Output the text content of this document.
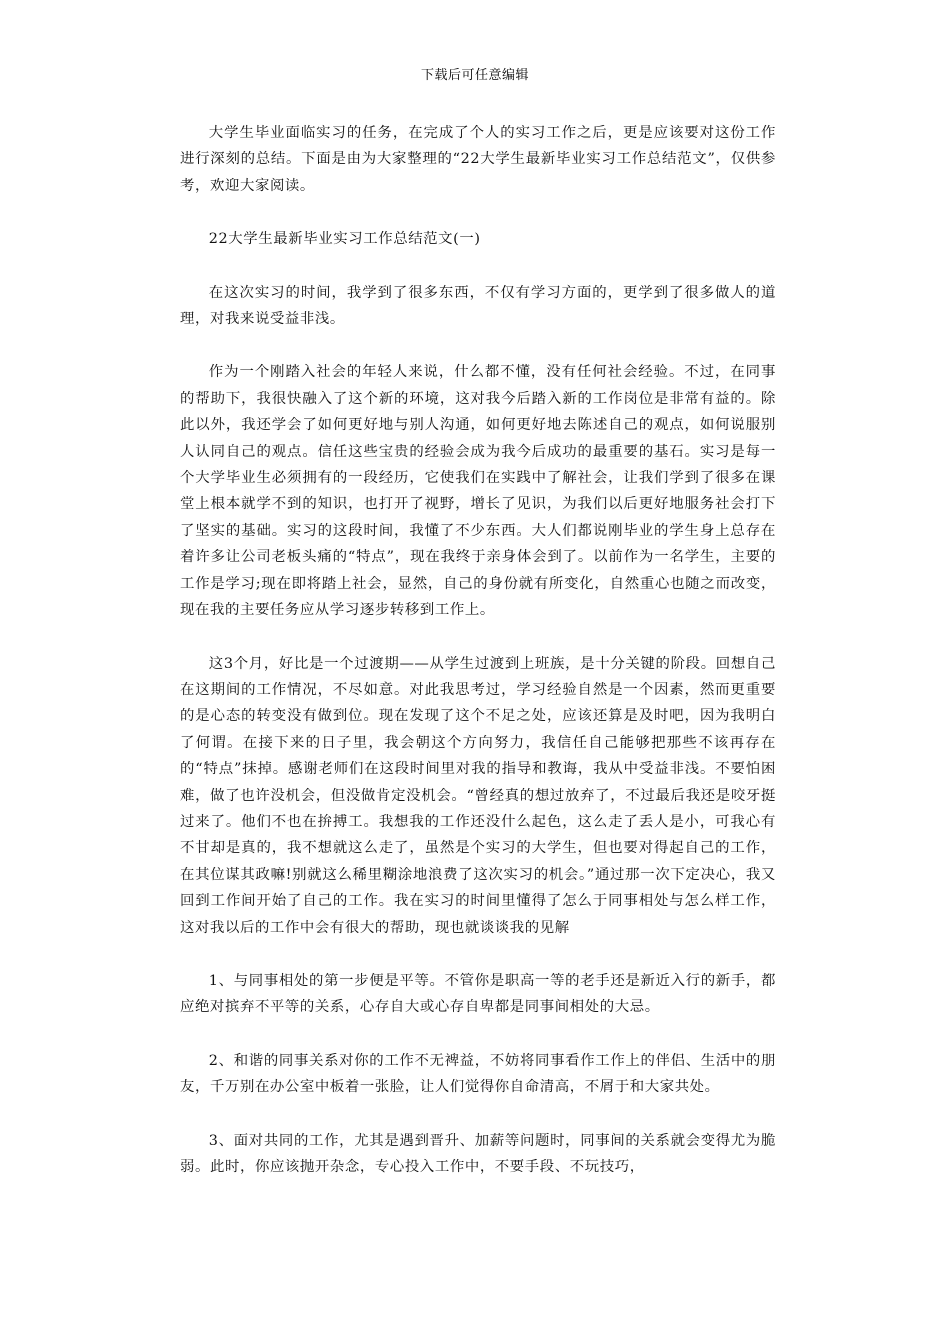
下载后可任意编辑

大学生毕业面临实习的任务，在完成了个人的实习工作之后，更是应该要对这份工作进行深刻的总结。下面是由为大家整理的“22大学生最新毕业实习工作总结范文”，仅供参考，欢迎大家阅读。

22大学生最新毕业实习工作总结范文(一)

在这次实习的时间，我学到了很多东西，不仅有学习方面的，更学到了很多做人的道理，对我来说受益非浅。

作为一个刚踏入社会的年轻人来说，什么都不懂，没有任何社会经验。不过，在同事的帮助下，我很快融入了这个新的环境，这对我今后踏入新的工作岗位是非常有益的。除此以外，我还学会了如何更好地与别人沟通，如何更好地去陈述自己的观点，如何说服别人认同自己的观点。信任这些宝贵的经验会成为我今后成功的最重要的基石。实习是每一个大学毕业生必须拥有的一段经历，它使我们在实践中了解社会，让我们学到了很多在课堂上根本就学不到的知识，也打开了视野，增长了见识，为我们以后更好地服务社会打下了坚实的基础。实习的这段时间，我懂了不少东西。大人们都说刚毕业的学生身上总存在着许多让公司老板头痛的“特点”，现在我终于亲身体会到了。以前作为一名学生，主要的工作是学习;现在即将踏上社会，显然，自己的身份就有所变化，自然重心也随之而改变，现在我的主要任务应从学习逐步转移到工作上。

这3个月，好比是一个过渡期——从学生过渡到上班族，是十分关键的阶段。回想自己在这期间的工作情况，不尽如意。对此我思考过，学习经验自然是一个因素，然而更重要的是心态的转变没有做到位。现在发现了这个不足之处，应该还算是及时吧，因为我明白了何谓。在接下来的日子里，我会朝这个方向努力，我信任自己能够把那些不该再存在的“特点”抹掉。感谢老师们在这段时间里对我的指导和教诲，我从中受益非浅。不要怕困难，做了也许没机会，但没做肯定没机会。“曾经真的想过放弃了，不过最后我还是咬牙挺过来了。他们不也在拚搏工。我想我的工作还没什么起色，这么走了丢人是小，可我心有不甘却是真的，我不想就这么走了，虽然是个实习的大学生，但也要对得起自己的工作，在其位谋其政嘛!别就这么稀里糊涂地浪费了这次实习的机会。”通过那一次下定决心，我又回到工作间开始了自己的工作。我在实习的时间里懂得了怎么于同事相处与怎么样工作，这对我以后的工作中会有很大的帮助，现也就谈谈我的见解

1、与同事相处的第一步便是平等。不管你是职高一等的老手还是新近入行的新手，都应绝对摈弃不平等的关系，心存自大或心存自卑都是同事间相处的大忌。

2、和谐的同事关系对你的工作不无裨益，不妨将同事看作工作上的伴侣、生活中的朋友，千万别在办公室中板着一张脸，让人们觉得你自命清高，不屑于和大家共处。

3、面对共同的工作，尤其是遇到晋升、加薪等问题时，同事间的关系就会变得尤为脆弱。此时，你应该抛开杂念，专心投入工作中，不要手段、不玩技巧，
